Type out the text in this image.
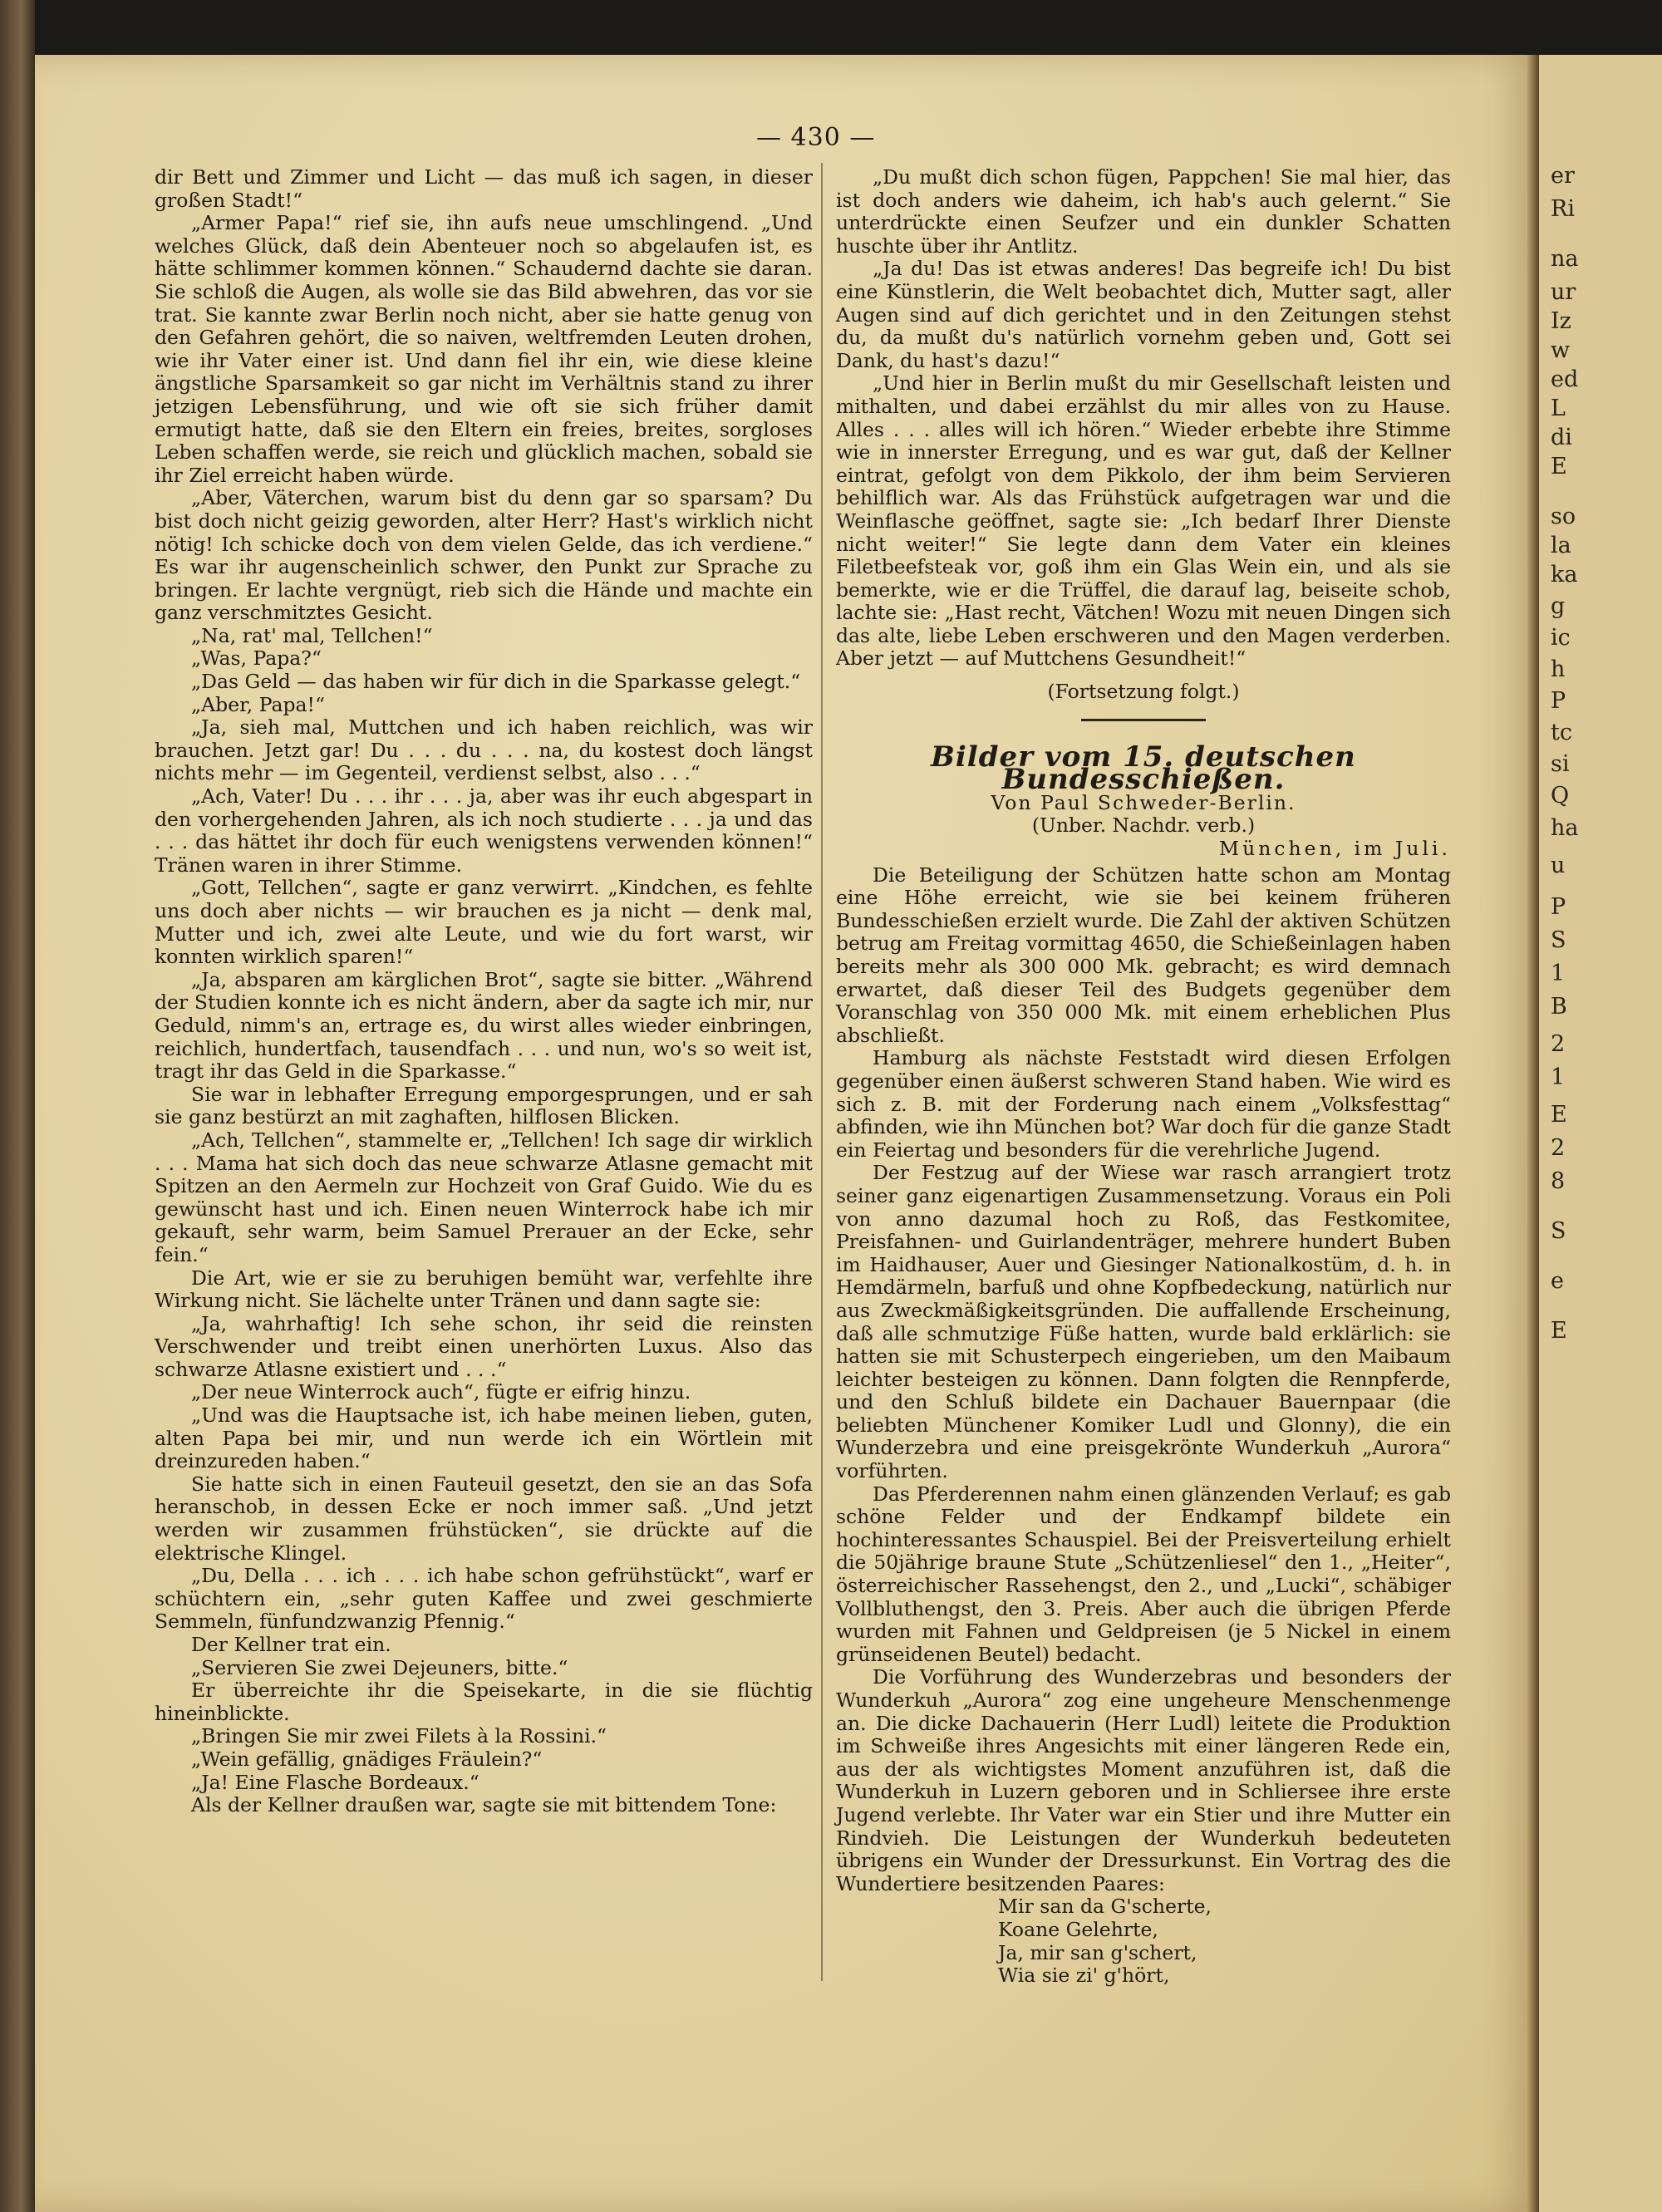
er
Ri
na
ur
Iz
w
ed
L
di
E
so
la
ka
g
ic
h
P
tc
si
Q
ha
u
P
S
1
B
2
1
E
2
8
S
e
E
— 430 —

dir Bett und Zimmer und Licht — das muß ich sagen, in dieser großen Stadt!“

„Armer Papa!“ rief sie, ihn aufs neue umschlingend. „Und welches Glück, daß dein Abenteuer noch so abgelaufen ist, es hätte schlimmer kommen können.“ Schaudernd dachte sie daran. Sie schloß die Augen, als wolle sie das Bild abwehren, das vor sie trat. Sie kannte zwar Berlin noch nicht, aber sie hatte genug von den Gefahren gehört, die so naiven, weltfremden Leuten drohen, wie ihr Vater einer ist. Und dann fiel ihr ein, wie diese kleine ängstliche Sparsamkeit so gar nicht im Verhältnis stand zu ihrer jetzigen Lebensführung, und wie oft sie sich früher damit ermutigt hatte, daß sie den Eltern ein freies, breites, sorgloses Leben schaffen werde, sie reich und glücklich machen, sobald sie ihr Ziel erreicht haben würde.

„Aber, Väterchen, warum bist du denn gar so sparsam? Du bist doch nicht geizig geworden, alter Herr? Hast's wirklich nicht nötig! Ich schicke doch von dem vielen Gelde, das ich verdiene.“ Es war ihr augenscheinlich schwer, den Punkt zur Sprache zu bringen. Er lachte vergnügt, rieb sich die Hände und machte ein ganz verschmitztes Gesicht.

„Na, rat' mal, Tellchen!“

„Was, Papa?“

„Das Geld — das haben wir für dich in die Sparkasse gelegt.“

„Aber, Papa!“

„Ja, sieh mal, Muttchen und ich haben reichlich, was wir brauchen. Jetzt gar! Du . . . du . . . na, du kostest doch längst nichts mehr — im Gegenteil, verdienst selbst, also . . .“

„Ach, Vater! Du . . . ihr . . . ja, aber was ihr euch abgespart in den vorhergehenden Jahren, als ich noch studierte . . . ja und das . . . das hättet ihr doch für euch wenigstens verwenden können!“ Tränen waren in ihrer Stimme.

„Gott, Tellchen“, sagte er ganz verwirrt. „Kindchen, es fehlte uns doch aber nichts — wir brauchen es ja nicht — denk mal, Mutter und ich, zwei alte Leute, und wie du fort warst, wir konnten wirklich sparen!“

„Ja, absparen am kärglichen Brot“, sagte sie bitter. „Während der Studien konnte ich es nicht ändern, aber da sagte ich mir, nur Geduld, nimm's an, ertrage es, du wirst alles wieder einbringen, reichlich, hundertfach, tausendfach . . . und nun, wo's so weit ist, tragt ihr das Geld in die Sparkasse.“

Sie war in lebhafter Erregung emporgesprungen, und er sah sie ganz bestürzt an mit zaghaften, hilflosen Blicken.

„Ach, Tellchen“, stammelte er, „Tellchen! Ich sage dir wirklich . . . Mama hat sich doch das neue schwarze Atlasne gemacht mit Spitzen an den Aermeln zur Hochzeit von Graf Guido. Wie du es gewünscht hast und ich. Einen neuen Winterrock habe ich mir gekauft, sehr warm, beim Samuel Prerauer an der Ecke, sehr fein.“

Die Art, wie er sie zu beruhigen bemüht war, verfehlte ihre Wirkung nicht. Sie lächelte unter Tränen und dann sagte sie:

„Ja, wahrhaftig! Ich sehe schon, ihr seid die reinsten Verschwender und treibt einen unerhörten Luxus. Also das schwarze Atlasne existiert und . . .“

„Der neue Winterrock auch“, fügte er eifrig hinzu.

„Und was die Hauptsache ist, ich habe meinen lieben, guten, alten Papa bei mir, und nun werde ich ein Wörtlein mit dreinzureden haben.“

Sie hatte sich in einen Fauteuil gesetzt, den sie an das Sofa heranschob, in dessen Ecke er noch immer saß. „Und jetzt werden wir zusammen frühstücken“, sie drückte auf die elektrische Klingel.

„Du, Della . . . ich . . . ich habe schon gefrühstückt“, warf er schüchtern ein, „sehr guten Kaffee und zwei geschmierte Semmeln, fünfundzwanzig Pfennig.“

Der Kellner trat ein.

„Servieren Sie zwei Dejeuners, bitte.“

Er überreichte ihr die Speisekarte, in die sie flüchtig hineinblickte.

„Bringen Sie mir zwei Filets à la Rossini.“

„Wein gefällig, gnädiges Fräulein?“

„Ja! Eine Flasche Bordeaux.“

Als der Kellner draußen war, sagte sie mit bittendem Tone:

„Du mußt dich schon fügen, Pappchen! Sie mal hier, das ist doch anders wie daheim, ich hab's auch gelernt.“ Sie unterdrückte einen Seufzer und ein dunkler Schatten huschte über ihr Antlitz.

„Ja du! Das ist etwas anderes! Das begreife ich! Du bist eine Künstlerin, die Welt beobachtet dich, Mutter sagt, aller Augen sind auf dich gerichtet und in den Zeitungen stehst du, da mußt du's natürlich vornehm geben und, Gott sei Dank, du hast's dazu!“

„Und hier in Berlin mußt du mir Gesellschaft leisten und mithalten, und dabei erzählst du mir alles von zu Hause. Alles . . . alles will ich hören.“ Wieder erbebte ihre Stimme wie in innerster Erregung, und es war gut, daß der Kellner eintrat, gefolgt von dem Pikkolo, der ihm beim Servieren behilflich war. Als das Frühstück aufgetragen war und die Weinflasche geöffnet, sagte sie: „Ich bedarf Ihrer Dienste nicht weiter!“ Sie legte dann dem Vater ein kleines Filetbeefsteak vor, goß ihm ein Glas Wein ein, und als sie bemerkte, wie er die Trüffel, die darauf lag, beiseite schob, lachte sie: „Hast recht, Vätchen! Wozu mit neuen Dingen sich das alte, liebe Leben erschweren und den Magen verderben. Aber jetzt — auf Muttchens Gesundheit!“

(Fortsetzung folgt.)

Bilder vom 15. deutschen Bundesschießen.

Von Paul Schweder-Berlin.

(Unber. Nachdr. verb.)

München, im Juli.

Die Beteiligung der Schützen hatte schon am Montag eine Höhe erreicht, wie sie bei keinem früheren Bundesschießen erzielt wurde. Die Zahl der aktiven Schützen betrug am Freitag vormittag 4650, die Schießeinlagen haben bereits mehr als 300 000 Mk. gebracht; es wird demnach erwartet, daß dieser Teil des Budgets gegenüber dem Voranschlag von 350 000 Mk. mit einem erheblichen Plus abschließt.

Hamburg als nächste Feststadt wird diesen Erfolgen gegenüber einen äußerst schweren Stand haben. Wie wird es sich z. B. mit der Forderung nach einem „Volksfesttag“ abfinden, wie ihn München bot? War doch für die ganze Stadt ein Feiertag und besonders für die verehrliche Jugend.

Der Festzug auf der Wiese war rasch arrangiert trotz seiner ganz eigenartigen Zusammensetzung. Voraus ein Poli von anno dazumal hoch zu Roß, das Festkomitee, Preisfahnen- und Guirlandenträger, mehrere hundert Buben im Haidhauser, Auer und Giesinger Nationalkostüm, d. h. in Hemdärmeln, barfuß und ohne Kopfbedeckung, natürlich nur aus Zweckmäßigkeitsgründen. Die auffallende Erscheinung, daß alle schmutzige Füße hatten, wurde bald erklärlich: sie hatten sie mit Schusterpech eingerieben, um den Maibaum leichter besteigen zu können. Dann folgten die Rennpferde, und den Schluß bildete ein Dachauer Bauernpaar (die beliebten Münchener Komiker Ludl und Glonny), die ein Wunderzebra und eine preisgekrönte Wunderkuh „Aurora“ vorführten.

Das Pferderennen nahm einen glänzenden Verlauf; es gab schöne Felder und der Endkampf bildete ein hochinteressantes Schauspiel. Bei der Preisverteilung erhielt die 50jährige braune Stute „Schützenliesel“ den 1., „Heiter“, österreichischer Rassehengst, den 2., und „Lucki“, schäbiger Vollbluthengst, den 3. Preis. Aber auch die übrigen Pferde wurden mit Fahnen und Geldpreisen (je 5 Nickel in einem grünseidenen Beutel) bedacht.

Die Vorführung des Wunderzebras und besonders der Wunderkuh „Aurora“ zog eine ungeheure Menschenmenge an. Die dicke Dachauerin (Herr Ludl) leitete die Produktion im Schweiße ihres Angesichts mit einer längeren Rede ein, aus der als wichtigstes Moment anzuführen ist, daß die Wunderkuh in Luzern geboren und in Schliersee ihre erste Jugend verlebte. Ihr Vater war ein Stier und ihre Mutter ein Rindvieh. Die Leistungen der Wunderkuh bedeuteten übrigens ein Wunder der Dressurkunst. Ein Vortrag des die Wundertiere besitzenden Paares:

Mir san da G'scherte,
Koane Gelehrte,
Ja, mir san g'schert,
Wia sie zi' g'hört,
